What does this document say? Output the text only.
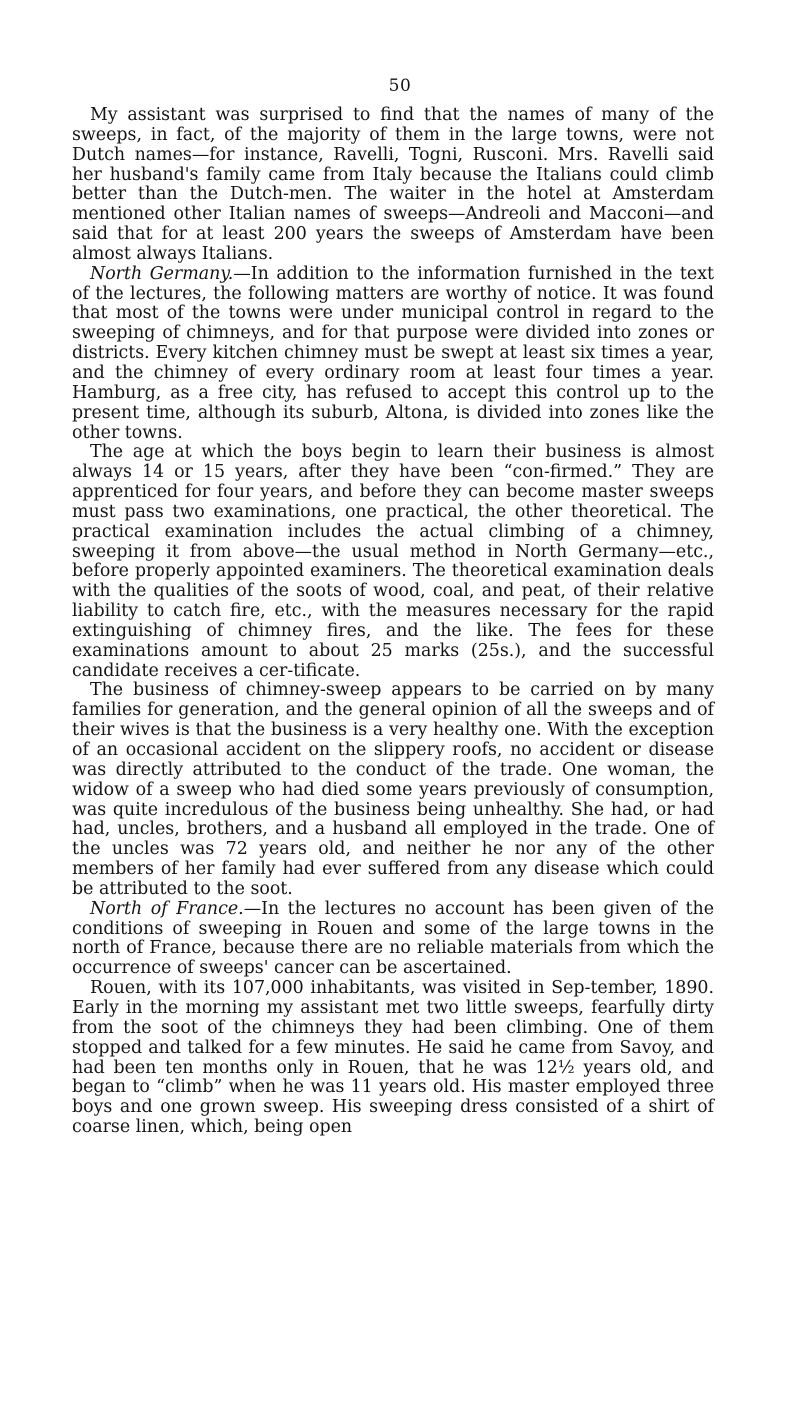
50

My assistant was surprised to find that the names of many of the sweeps, in fact, of the majority of them in the large towns, were not Dutch names—for instance, Ravelli, Togni, Rusconi. Mrs. Ravelli said her husband's family came from Italy because the Italians could climb better than the Dutch-men. The waiter in the hotel at Amsterdam mentioned other Italian names of sweeps—Andreoli and Macconi—and said that for at least 200 years the sweeps of Amsterdam have been almost always Italians.

North Germany.—In addition to the information furnished in the text of the lectures, the following matters are worthy of notice. It was found that most of the towns were under municipal control in regard to the sweeping of chimneys, and for that purpose were divided into zones or districts. Every kitchen chimney must be swept at least six times a year, and the chimney of every ordinary room at least four times a year. Hamburg, as a free city, has refused to accept this control up to the present time, although its suburb, Altona, is divided into zones like the other towns.

The age at which the boys begin to learn their business is almost always 14 or 15 years, after they have been “con-firmed.” They are apprenticed for four years, and before they can become master sweeps must pass two examinations, one practical, the other theoretical. The practical examination includes the actual climbing of a chimney, sweeping it from above—the usual method in North Germany—etc., before properly appointed examiners. The theoretical examination deals with the qualities of the soots of wood, coal, and peat, of their relative liability to catch fire, etc., with the measures necessary for the rapid extinguishing of chimney fires, and the like. The fees for these examinations amount to about 25 marks (25s.), and the successful candidate receives a cer-tificate.

The business of chimney-sweep appears to be carried on by many families for generation, and the general opinion of all the sweeps and of their wives is that the business is a very healthy one. With the exception of an occasional accident on the slippery roofs, no accident or disease was directly attributed to the conduct of the trade. One woman, the widow of a sweep who had died some years previously of consumption, was quite incredulous of the business being unhealthy. She had, or had had, uncles, brothers, and a husband all employed in the trade. One of the uncles was 72 years old, and neither he nor any of the other members of her family had ever suffered from any disease which could be attributed to the soot.

North of France.—In the lectures no account has been given of the conditions of sweeping in Rouen and some of the large towns in the north of France, because there are no reliable materials from which the occurrence of sweeps' cancer can be ascertained.

Rouen, with its 107,000 inhabitants, was visited in Sep-tember, 1890. Early in the morning my assistant met two little sweeps, fearfully dirty from the soot of the chimneys they had been climbing. One of them stopped and talked for a few minutes. He said he came from Savoy, and had been ten months only in Rouen, that he was 12½ years old, and began to “climb” when he was 11 years old. His master employed three boys and one grown sweep. His sweeping dress consisted of a shirt of coarse linen, which, being open
